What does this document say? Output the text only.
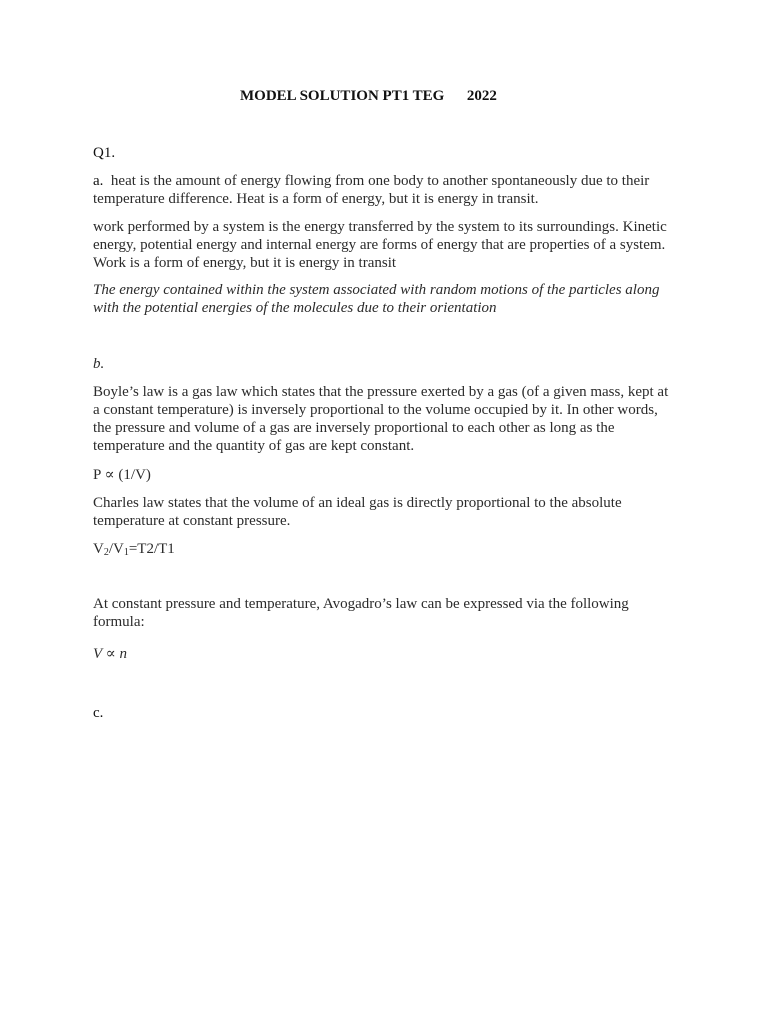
MODEL SOLUTION PT1 TEG      2022
Q1.
a. heat is the amount of energy flowing from one body to another spontaneously due to their temperature difference. Heat is a form of energy, but it is energy in transit.
work performed by a system is the energy transferred by the system to its surroundings. Kinetic energy, potential energy and internal energy are forms of energy that are properties of a system. Work is a form of energy, but it is energy in transit
The energy contained within the system associated with random motions of the particles along with the potential energies of the molecules due to their orientation
b.
Boyle’s law is a gas law which states that the pressure exerted by a gas (of a given mass, kept at a constant temperature) is inversely proportional to the volume occupied by it. In other words, the pressure and volume of a gas are inversely proportional to each other as long as the temperature and the quantity of gas are kept constant.
P ∝ (1/V)
Charles law states that the volume of an ideal gas is directly proportional to the absolute temperature at constant pressure.
$V_2/V_1=T2/T1$
At constant pressure and temperature, Avogadro’s law can be expressed via the following formula:
V ∝ n
c.
